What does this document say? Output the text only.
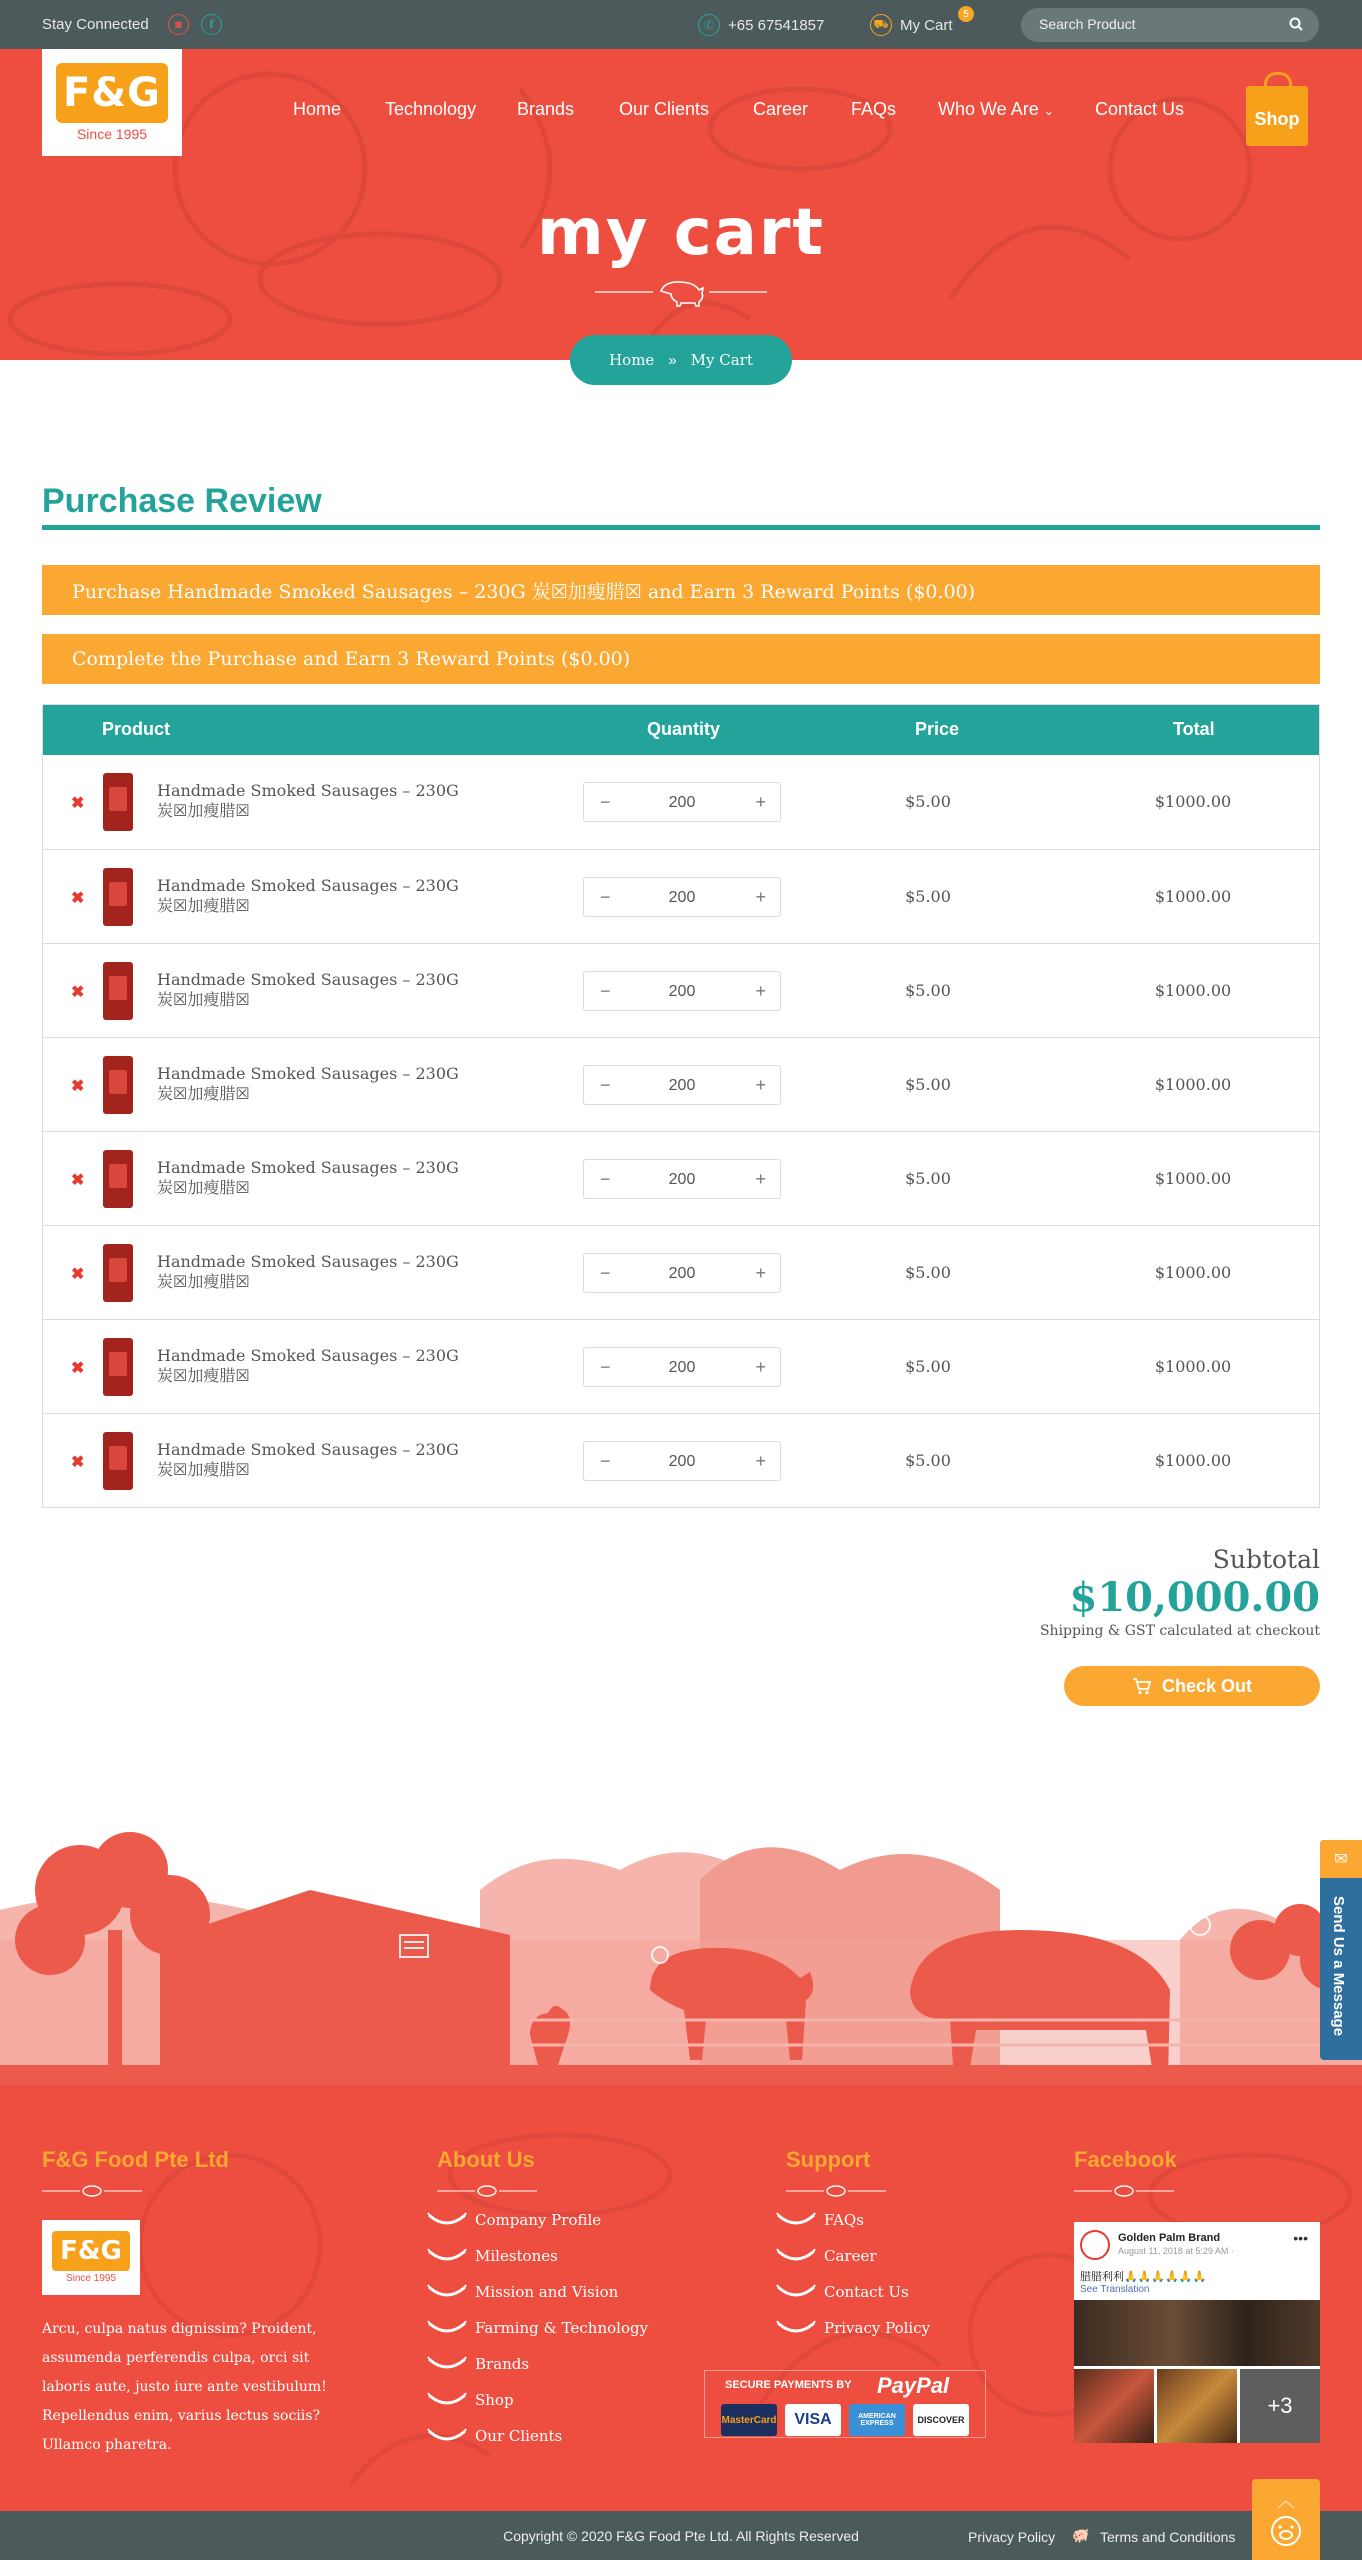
Stay Connected	◙	f	✆ +65 67541857	⛟ My Cart
5
Search Product
F&G
Since 1995
Home Technology Brands Our Clients Career FAQs Who We Are ⌄ Contact Us	Shop
my cart
Home » My Cart
Purchase Review
Purchase Handmade Smoked Sausages – 230G 炭☒加瘦腊☒ and Earn 3 Reward Points ($0.00)
Complete the Purchase and Earn 3 Reward Points ($0.00)
Product	Quantity	Price	Total
✖
Handmade Smoked Sausages – 230G
炭☒加瘦腊☒	−	200	+	$5.00	$1000.00
✖
Handmade Smoked Sausages – 230G
炭☒加瘦腊☒	−	200	+	$5.00	$1000.00
✖
Handmade Smoked Sausages – 230G
炭☒加瘦腊☒	−	200	+	$5.00	$1000.00
✖
Handmade Smoked Sausages – 230G
炭☒加瘦腊☒	−	200	+	$5.00	$1000.00
✖
Handmade Smoked Sausages – 230G
炭☒加瘦腊☒	−	200	+	$5.00	$1000.00
✖
Handmade Smoked Sausages – 230G
炭☒加瘦腊☒	−	200	+	$5.00	$1000.00
✖
Handmade Smoked Sausages – 230G
炭☒加瘦腊☒	−	200	+	$5.00	$1000.00
✖
Handmade Smoked Sausages – 230G
炭☒加瘦腊☒	−	200	+	$5.00	$1000.00
Subtotal
$10,000.00
Shipping & GST calculated at checkout
Check Out
F&G Food Pte Ltd
F&G
Since 1995
Arcu, culpa natus dignissim? Proident, assumenda perferendis culpa, orci sit laboris aute, justo iure ante vestibulum! Repellendus enim, varius lectus sociis? Ullamco pharetra.
About Us
Company Profile
Milestones
Mission and Vision
Farming & Technology
Brands
Shop
Our Clients
Support
FAQs
Career
Contact Us
Privacy Policy
SECURE PAYMENTS BY PayPal
MasterCard	VISA	AMERICAN EXPRESS	DISCOVER
Facebook
Golden Palm Brand
August 11, 2018 at 5:29 AM ·
•••
腊腊利利🙏🙏🙏🙏🙏🙏
See Translation
+3
✉
Send Us a Message
Copyright © 2020 F&G Food Pte Ltd. All Rights Reserved	Privacy Policy 🐖 Terms and Conditions
︿
